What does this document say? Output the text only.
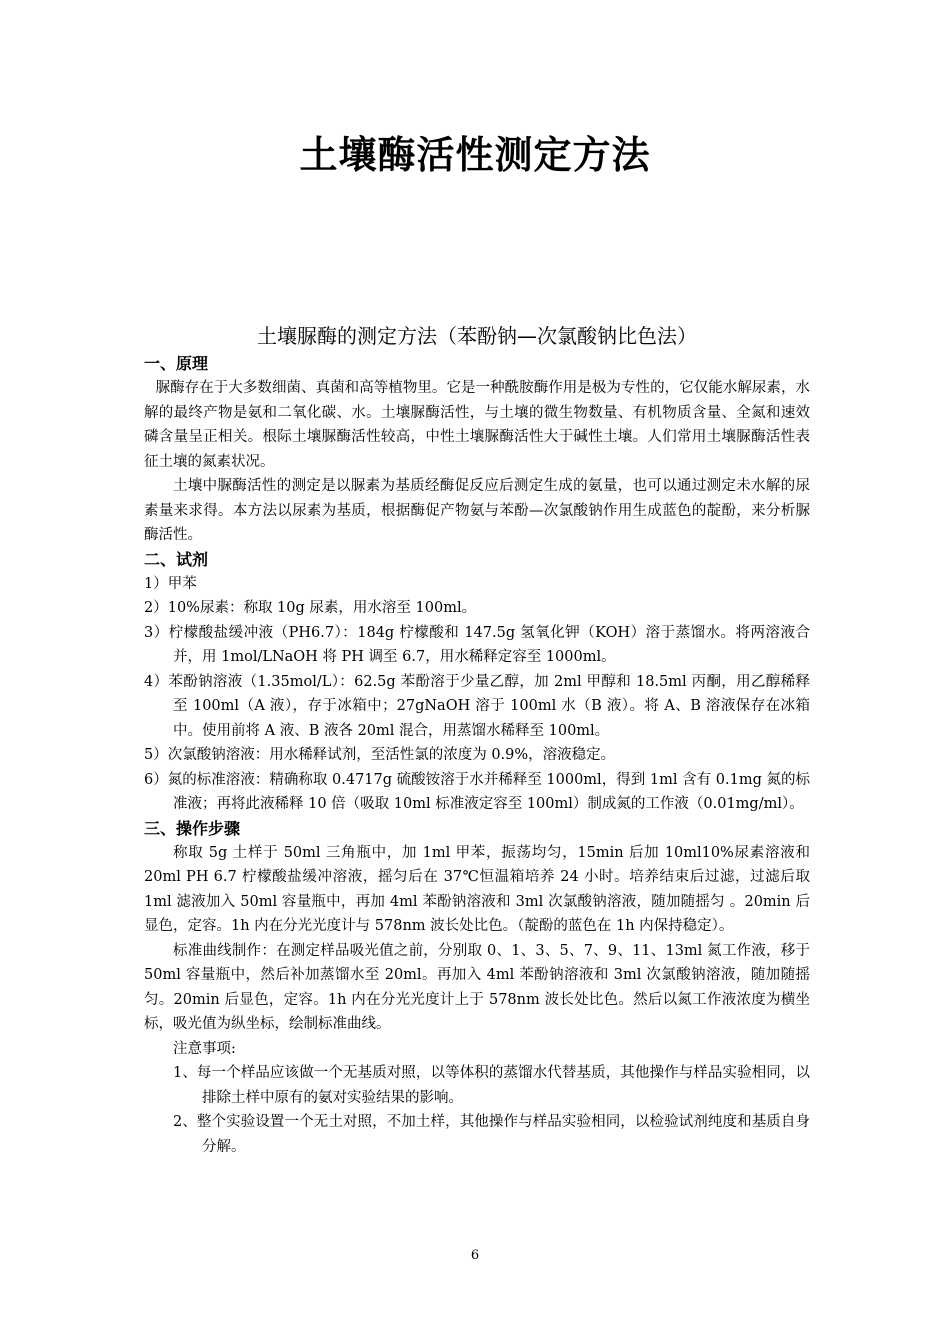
土壤酶活性测定方法
土壤脲酶的测定方法（苯酚钠—次氯酸钠比色法）
一、原理

脲酶存在于大多数细菌、真菌和高等植物里。它是一种酰胺酶作用是极为专性的，它仅能水解尿素，水解的最终产物是氨和二氧化碳、水。土壤脲酶活性，与土壤的微生物数量、有机物质含量、全氮和速效磷含量呈正相关。根际土壤脲酶活性较高，中性土壤脲酶活性大于碱性土壤。人们常用土壤脲酶活性表征土壤的氮素状况。

土壤中脲酶活性的测定是以脲素为基质经酶促反应后测定生成的氨量，也可以通过测定未水解的尿素量来求得。本方法以尿素为基质，根据酶促产物氨与苯酚—次氯酸钠作用生成蓝色的靛酚，来分析脲酶活性。

二、试剂
1）甲苯
2）10%尿素：称取 10g 尿素，用水溶至 100ml。
3）柠檬酸盐缓冲液（PH6.7）：184g 柠檬酸和 147.5g 氢氧化钾（KOH）溶于蒸馏水。将两溶液合并，用 1mol/LNaOH 将 PH 调至 6.7，用水稀释定容至 1000ml。
4）苯酚钠溶液（1.35mol/L）：62.5g 苯酚溶于少量乙醇，加 2ml 甲醇和 18.5ml 丙酮，用乙醇稀释至 100ml（A 液），存于冰箱中；27gNaOH 溶于 100ml 水（B 液）。将 A、B 溶液保存在冰箱中。使用前将 A 液、B 液各 20ml 混合，用蒸馏水稀释至 100ml。
5）次氯酸钠溶液：用水稀释试剂，至活性氯的浓度为 0.9%，溶液稳定。
6）氮的标准溶液：精确称取 0.4717g 硫酸铵溶于水并稀释至 1000ml，得到 1ml 含有 0.1mg 氮的标准液；再将此液稀释 10 倍（吸取 10ml 标准液定容至 100ml）制成氮的工作液（0.01mg/ml）。
三、操作步骤

称取 5g 土样于 50ml 三角瓶中，加 1ml 甲苯，振荡均匀，15min 后加 10ml10%尿素溶液和 20ml PH 6.7 柠檬酸盐缓冲溶液，摇匀后在 37℃恒温箱培养 24 小时。培养结束后过滤，过滤后取 1ml 滤液加入 50ml 容量瓶中，再加 4ml 苯酚钠溶液和 3ml 次氯酸钠溶液，随加随摇匀 。20min 后显色，定容。1h 内在分光光度计与 578nm 波长处比色。（靛酚的蓝色在 1h 内保持稳定）。

标准曲线制作：在测定样品吸光值之前，分别取 0、1、3、5、7、9、11、13ml 氮工作液，移于 50ml 容量瓶中，然后补加蒸馏水至 20ml。再加入 4ml 苯酚钠溶液和 3ml 次氯酸钠溶液，随加随摇匀。20min 后显色，定容。1h 内在分光光度计上于 578nm 波长处比色。然后以氮工作液浓度为横坐标，吸光值为纵坐标，绘制标准曲线。

注意事项:

1、每一个样品应该做一个无基质对照，以等体积的蒸馏水代替基质，其他操作与样品实验相同，以排除土样中原有的氨对实验结果的影响。
2、整个实验设置一个无土对照，不加土样，其他操作与样品实验相同，以检验试剂纯度和基质自身分解。
6
